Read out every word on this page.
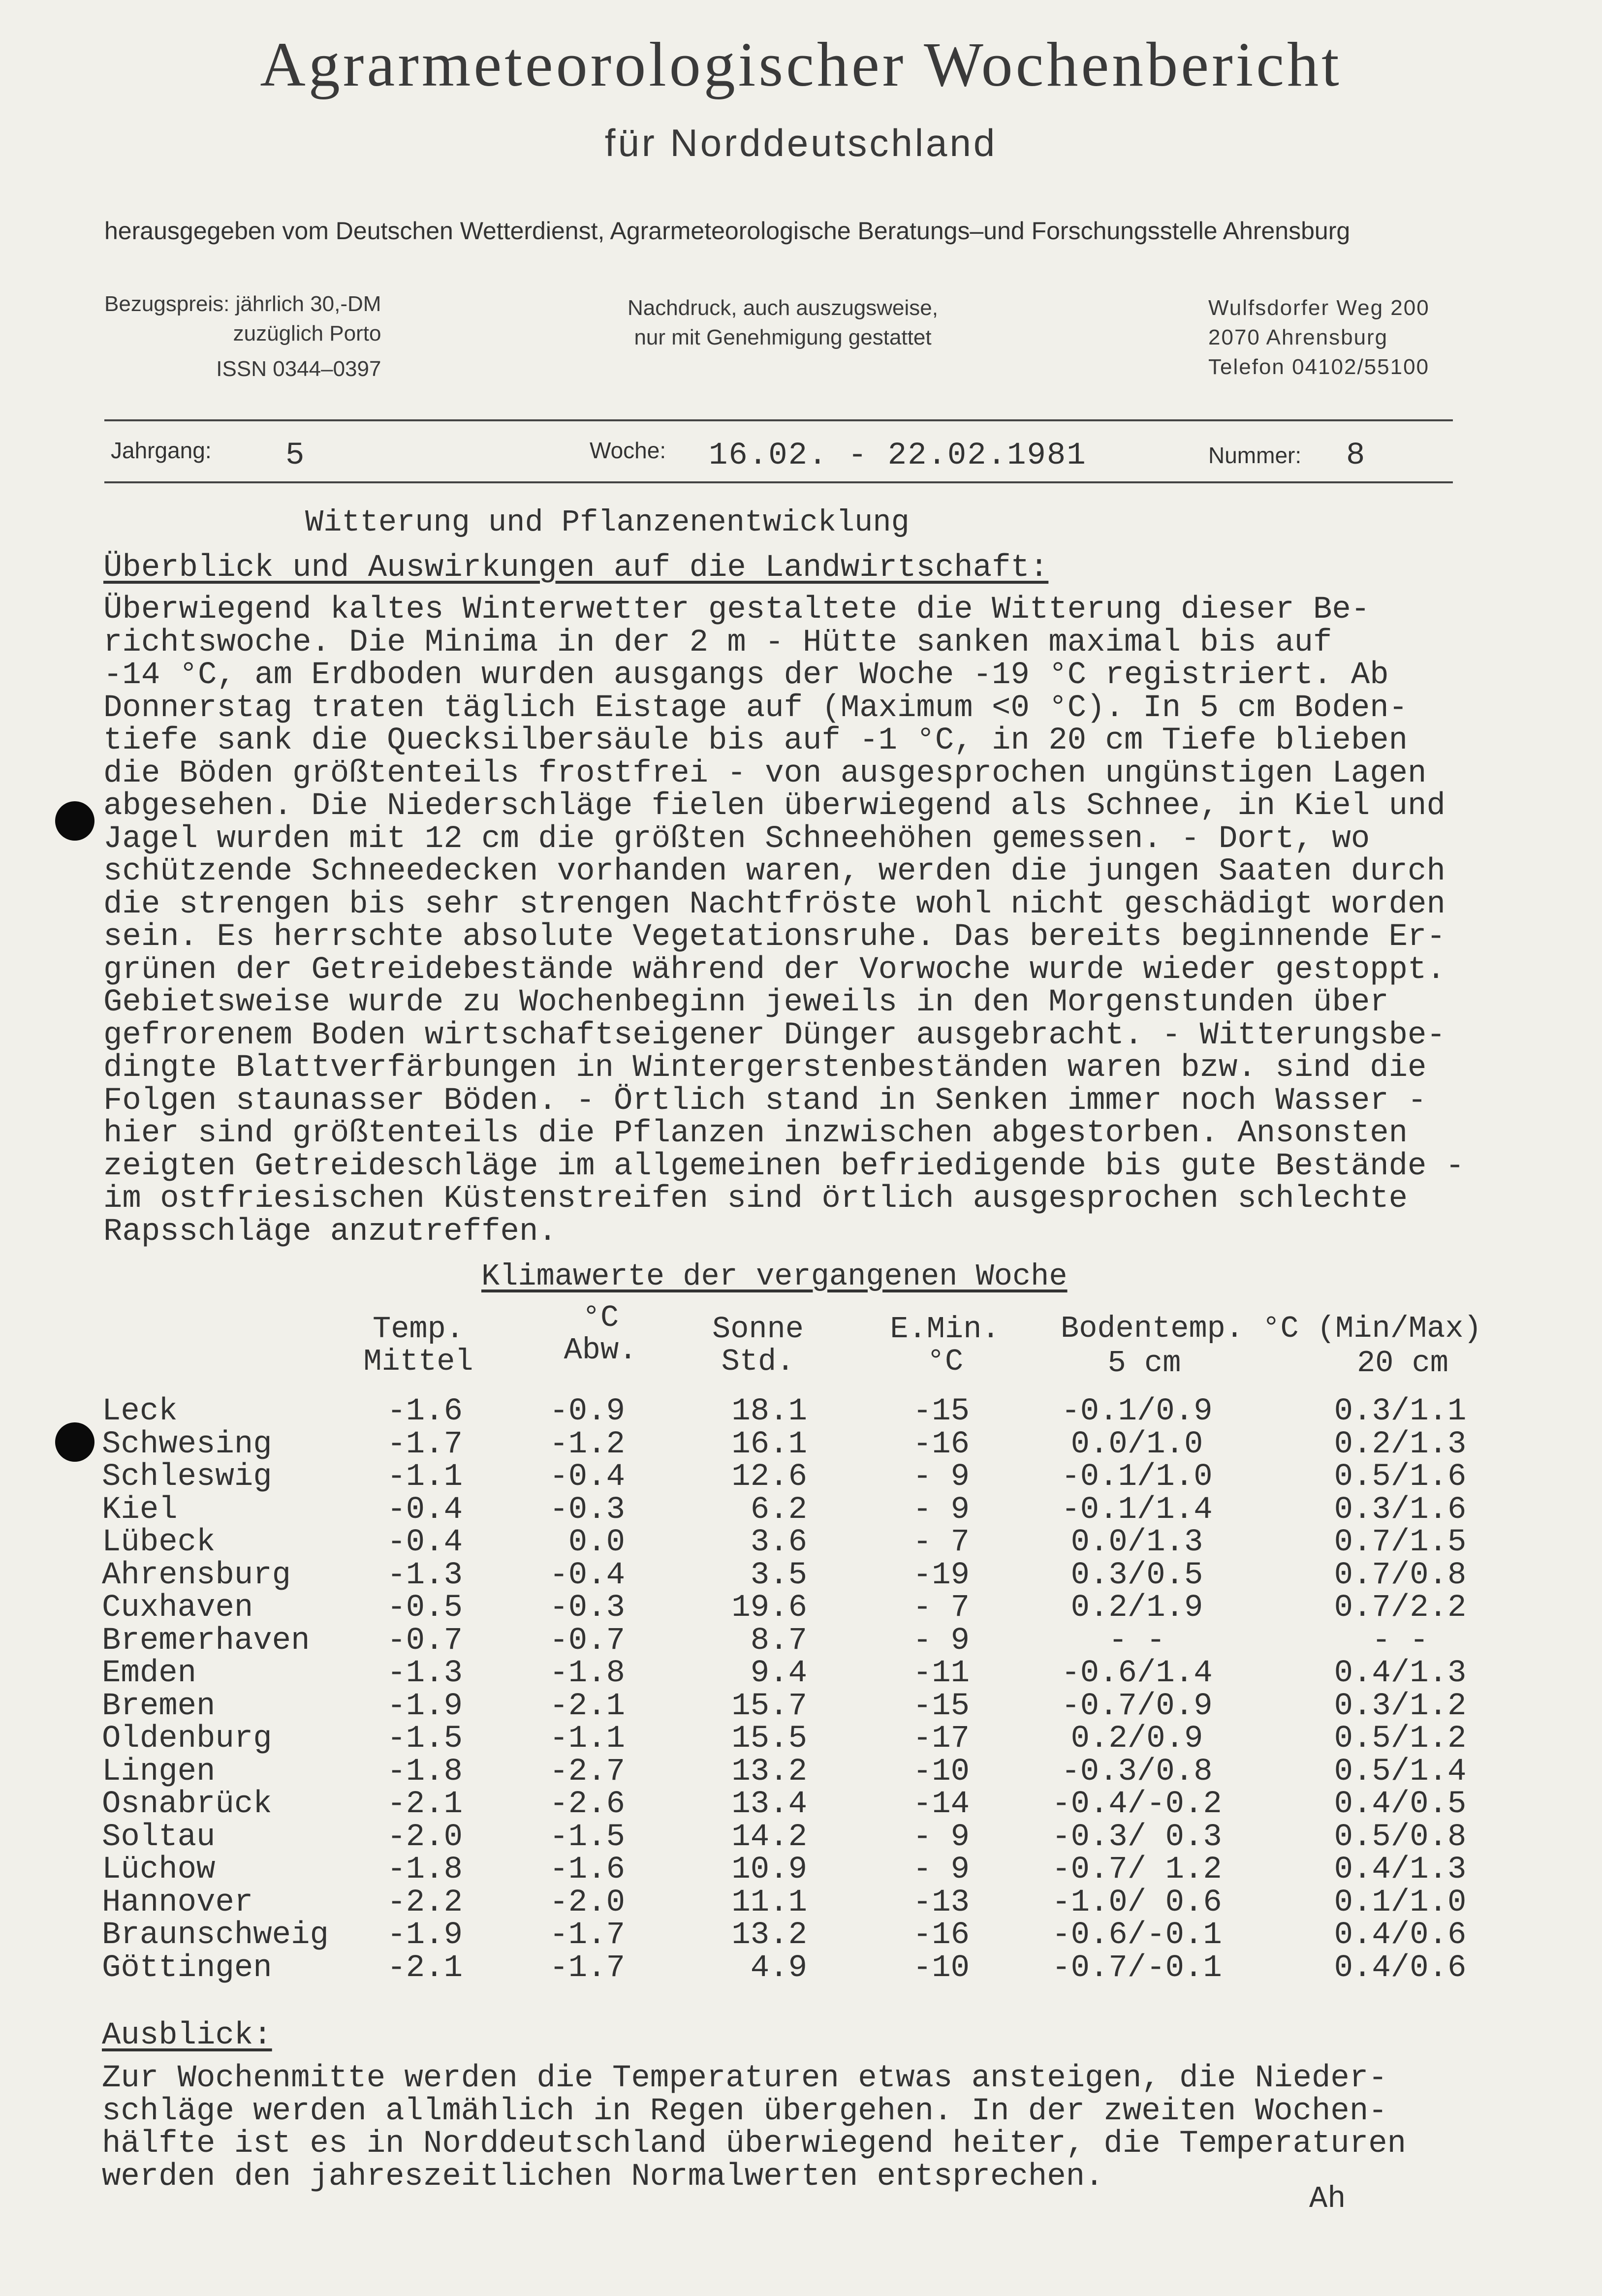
Agrarmeteorologischer Wochenbericht
für Norddeutschland
herausgegeben vom Deutschen Wetterdienst, Agrarmeteorologische Beratungs–und Forschungsstelle Ahrensburg
Bezugspreis: jährlich 30,-DM
zuzüglich Porto
ISSN 0344–0397
Nachdruck, auch auszugsweise,
nur mit Genehmigung gestattet
Wulfsdorfer Weg 200
2070 Ahrensburg
Telefon 04102/55100
Jahrgang: 5	Woche: 16.02. - 22.02.1981	Nummer: 8
Witterung und Pflanzenentwicklung
Überblick und Auswirkungen auf die Landwirtschaft:
Überwiegend kaltes Winterwetter gestaltete die Witterung dieser Be-
richtswoche. Die Minima in der 2 m - Hütte sanken maximal bis auf
-14 °C, am Erdboden wurden ausgangs der Woche -19 °C registriert. Ab
Donnerstag traten täglich Eistage auf (Maximum <0 °C). In 5 cm Boden-
tiefe sank die Quecksilbersäule bis auf -1 °C, in 20 cm Tiefe blieben
die Böden größtenteils frostfrei - von ausgesprochen ungünstigen Lagen
abgesehen. Die Niederschläge fielen überwiegend als Schnee, in Kiel und
Jagel wurden mit 12 cm die größten Schneehöhen gemessen. - Dort, wo
schützende Schneedecken vorhanden waren, werden die jungen Saaten durch
die strengen bis sehr strengen Nachtfröste wohl nicht geschädigt worden
sein. Es herrschte absolute Vegetationsruhe. Das bereits beginnende Er-
grünen der Getreidebestände während der Vorwoche wurde wieder gestoppt.
Gebietsweise wurde zu Wochenbeginn jeweils in den Morgenstunden über
gefrorenem Boden wirtschaftseigener Dünger ausgebracht. - Witterungsbe-
dingte Blattverfärbungen in Wintergerstenbeständen waren bzw. sind die
Folgen staunasser Böden. - Örtlich stand in Senken immer noch Wasser -
hier sind größtenteils die Pflanzen inzwischen abgestorben. Ansonsten
zeigten Getreideschläge im allgemeinen befriedigende bis gute Bestände -
im ostfriesischen Küstenstreifen sind örtlich ausgesprochen schlechte
Rapsschläge anzutreffen.
Klimawerte der vergangenen Woche
Temp.
Mittel
°C
Abw.
Sonne
Std.
E.Min.
°C
Bodentemp. °C (Min/Max)
5 cm	20 cm
Leck	-1.6	-0.9	18.1	-15	-0.1/0.9	0.3/1.1
Schwesing	-1.7	-1.2	16.1	-16	0.0/1.0	0.2/1.3
Schleswig	-1.1	-0.4	12.6	- 9	-0.1/1.0	0.5/1.6
Kiel	-0.4	-0.3	6.2	- 9	-0.1/1.4	0.3/1.6
Lübeck	-0.4	0.0	3.6	- 7	0.0/1.3	0.7/1.5
Ahrensburg	-1.3	-0.4	3.5	-19	0.3/0.5	0.7/0.8
Cuxhaven	-0.5	-0.3	19.6	- 7	0.2/1.9	0.7/2.2
Bremerhaven -0.7	-0.7	8.7	- 9	- -	- -
Emden	-1.3	-1.8	9.4	-11	-0.6/1.4	0.4/1.3
Bremen	-1.9	-2.1	15.7	-15	-0.7/0.9	0.3/1.2
Oldenburg	-1.5	-1.1	15.5	-17	0.2/0.9	0.5/1.2
Lingen	-1.8	-2.7	13.2	-10	-0.3/0.8	0.5/1.4
Osnabrück	-2.1	-2.6	13.4	-14	-0.4/-0.2	0.4/0.5
Soltau	-2.0	-1.5	14.2	- 9	-0.3/ 0.3	0.5/0.8
Lüchow	-1.8	-1.6	10.9	- 9	-0.7/ 1.2	0.4/1.3
Hannover	-2.2	-2.0	11.1	-13	-1.0/ 0.6	0.1/1.0
Braunschweig -1.9	-1.7	13.2	-16	-0.6/-0.1	0.4/0.6
Göttingen	-2.1	-1.7	4.9	-10	-0.7/-0.1	0.4/0.6
Ausblick:
Zur Wochenmitte werden die Temperaturen etwas ansteigen, die Nieder-
schläge werden allmählich in Regen übergehen. In der zweiten Wochen-
hälfte ist es in Norddeutschland überwiegend heiter, die Temperaturen
werden den jahreszeitlichen Normalwerten entsprechen.
Ah
